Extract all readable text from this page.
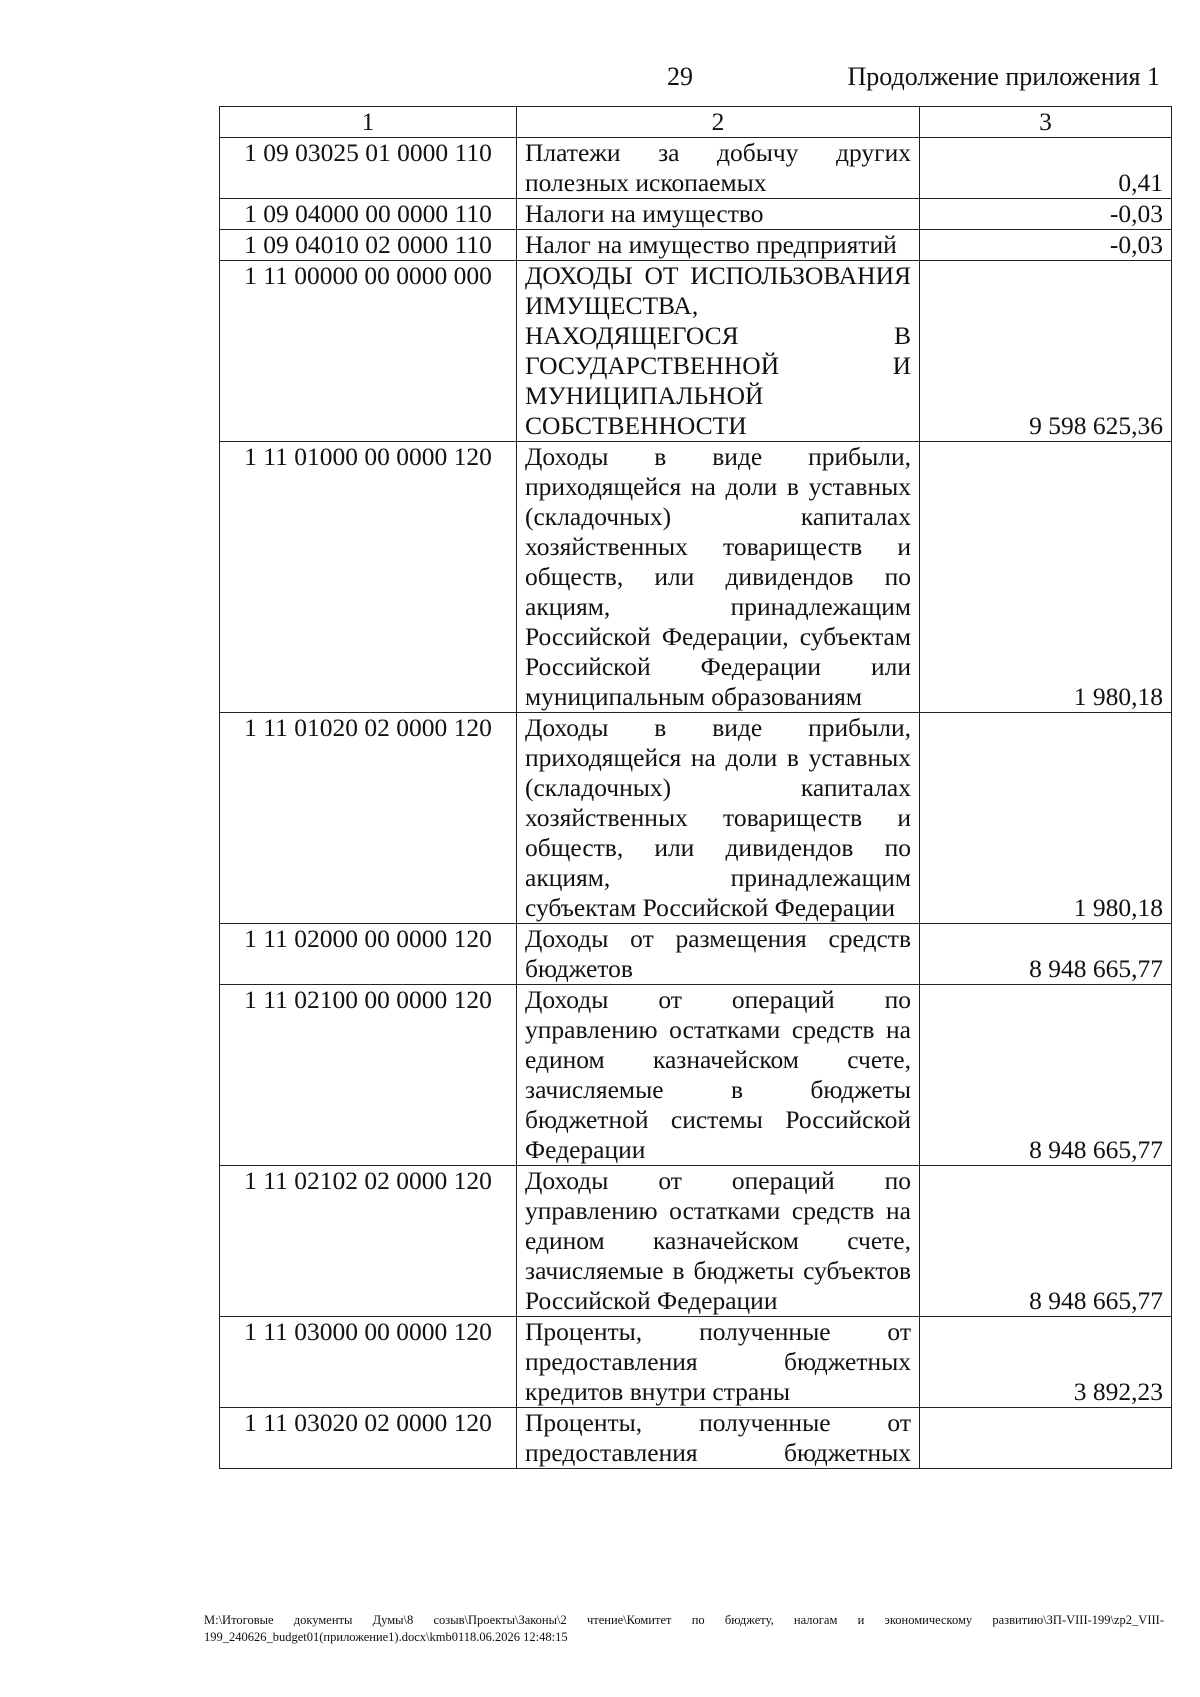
29	Продолжение приложения 1
1	2	3
1 09 03025 01 0000 110	Платежи за добычу других полезных ископаемых	0,41
1 09 04000 00 0000 110	Налоги на имущество	-0,03
1 09 04010 02 0000 110	Налог на имущество предприятий	-0,03
1 11 00000 00 0000 000	ДОХОДЫ ОТ ИСПОЛЬЗОВАНИЯ ИМУЩЕСТВА, НАХОДЯЩЕГОСЯ В ГОСУДАРСТВЕННОЙ И МУНИЦИПАЛЬНОЙ СОБСТВЕННОСТИ	9 598 625,36
1 11 01000 00 0000 120	Доходы в виде прибыли, приходящейся на доли в уставных (складочных) капиталах хозяйственных товариществ и обществ, или дивидендов по акциям, принадлежащим Российской Федерации, субъектам Российской Федерации или муниципальным образованиям	1 980,18
1 11 01020 02 0000 120	Доходы в виде прибыли, приходящейся на доли в уставных (складочных) капиталах хозяйственных товариществ и обществ, или дивидендов по акциям, принадлежащим субъектам Российской Федерации	1 980,18
1 11 02000 00 0000 120	Доходы от размещения средств бюджетов	8 948 665,77
1 11 02100 00 0000 120	Доходы от операций по управлению остатками средств на едином казначейском счете, зачисляемые в бюджеты бюджетной системы Российской Федерации	8 948 665,77
1 11 02102 02 0000 120	Доходы от операций по управлению остатками средств на едином казначейском счете, зачисляемые в бюджеты субъектов Российской Федерации	8 948 665,77
1 11 03000 00 0000 120	Проценты, полученные от предоставления бюджетных кредитов внутри страны	3 892,23
1 11 03020 02 0000 120	Проценты, полученные от предоставления бюджетных	
М:\Итоговые документы Думы\8 созыв\Проекты\Законы\2 чтение\Комитет по бюджету, налогам и экономическому развитию\ЗП-VIII-199\zp2_VIII-199_240626_budget01(приложение1).docx\kmb0118.06.2026 12:48:15
